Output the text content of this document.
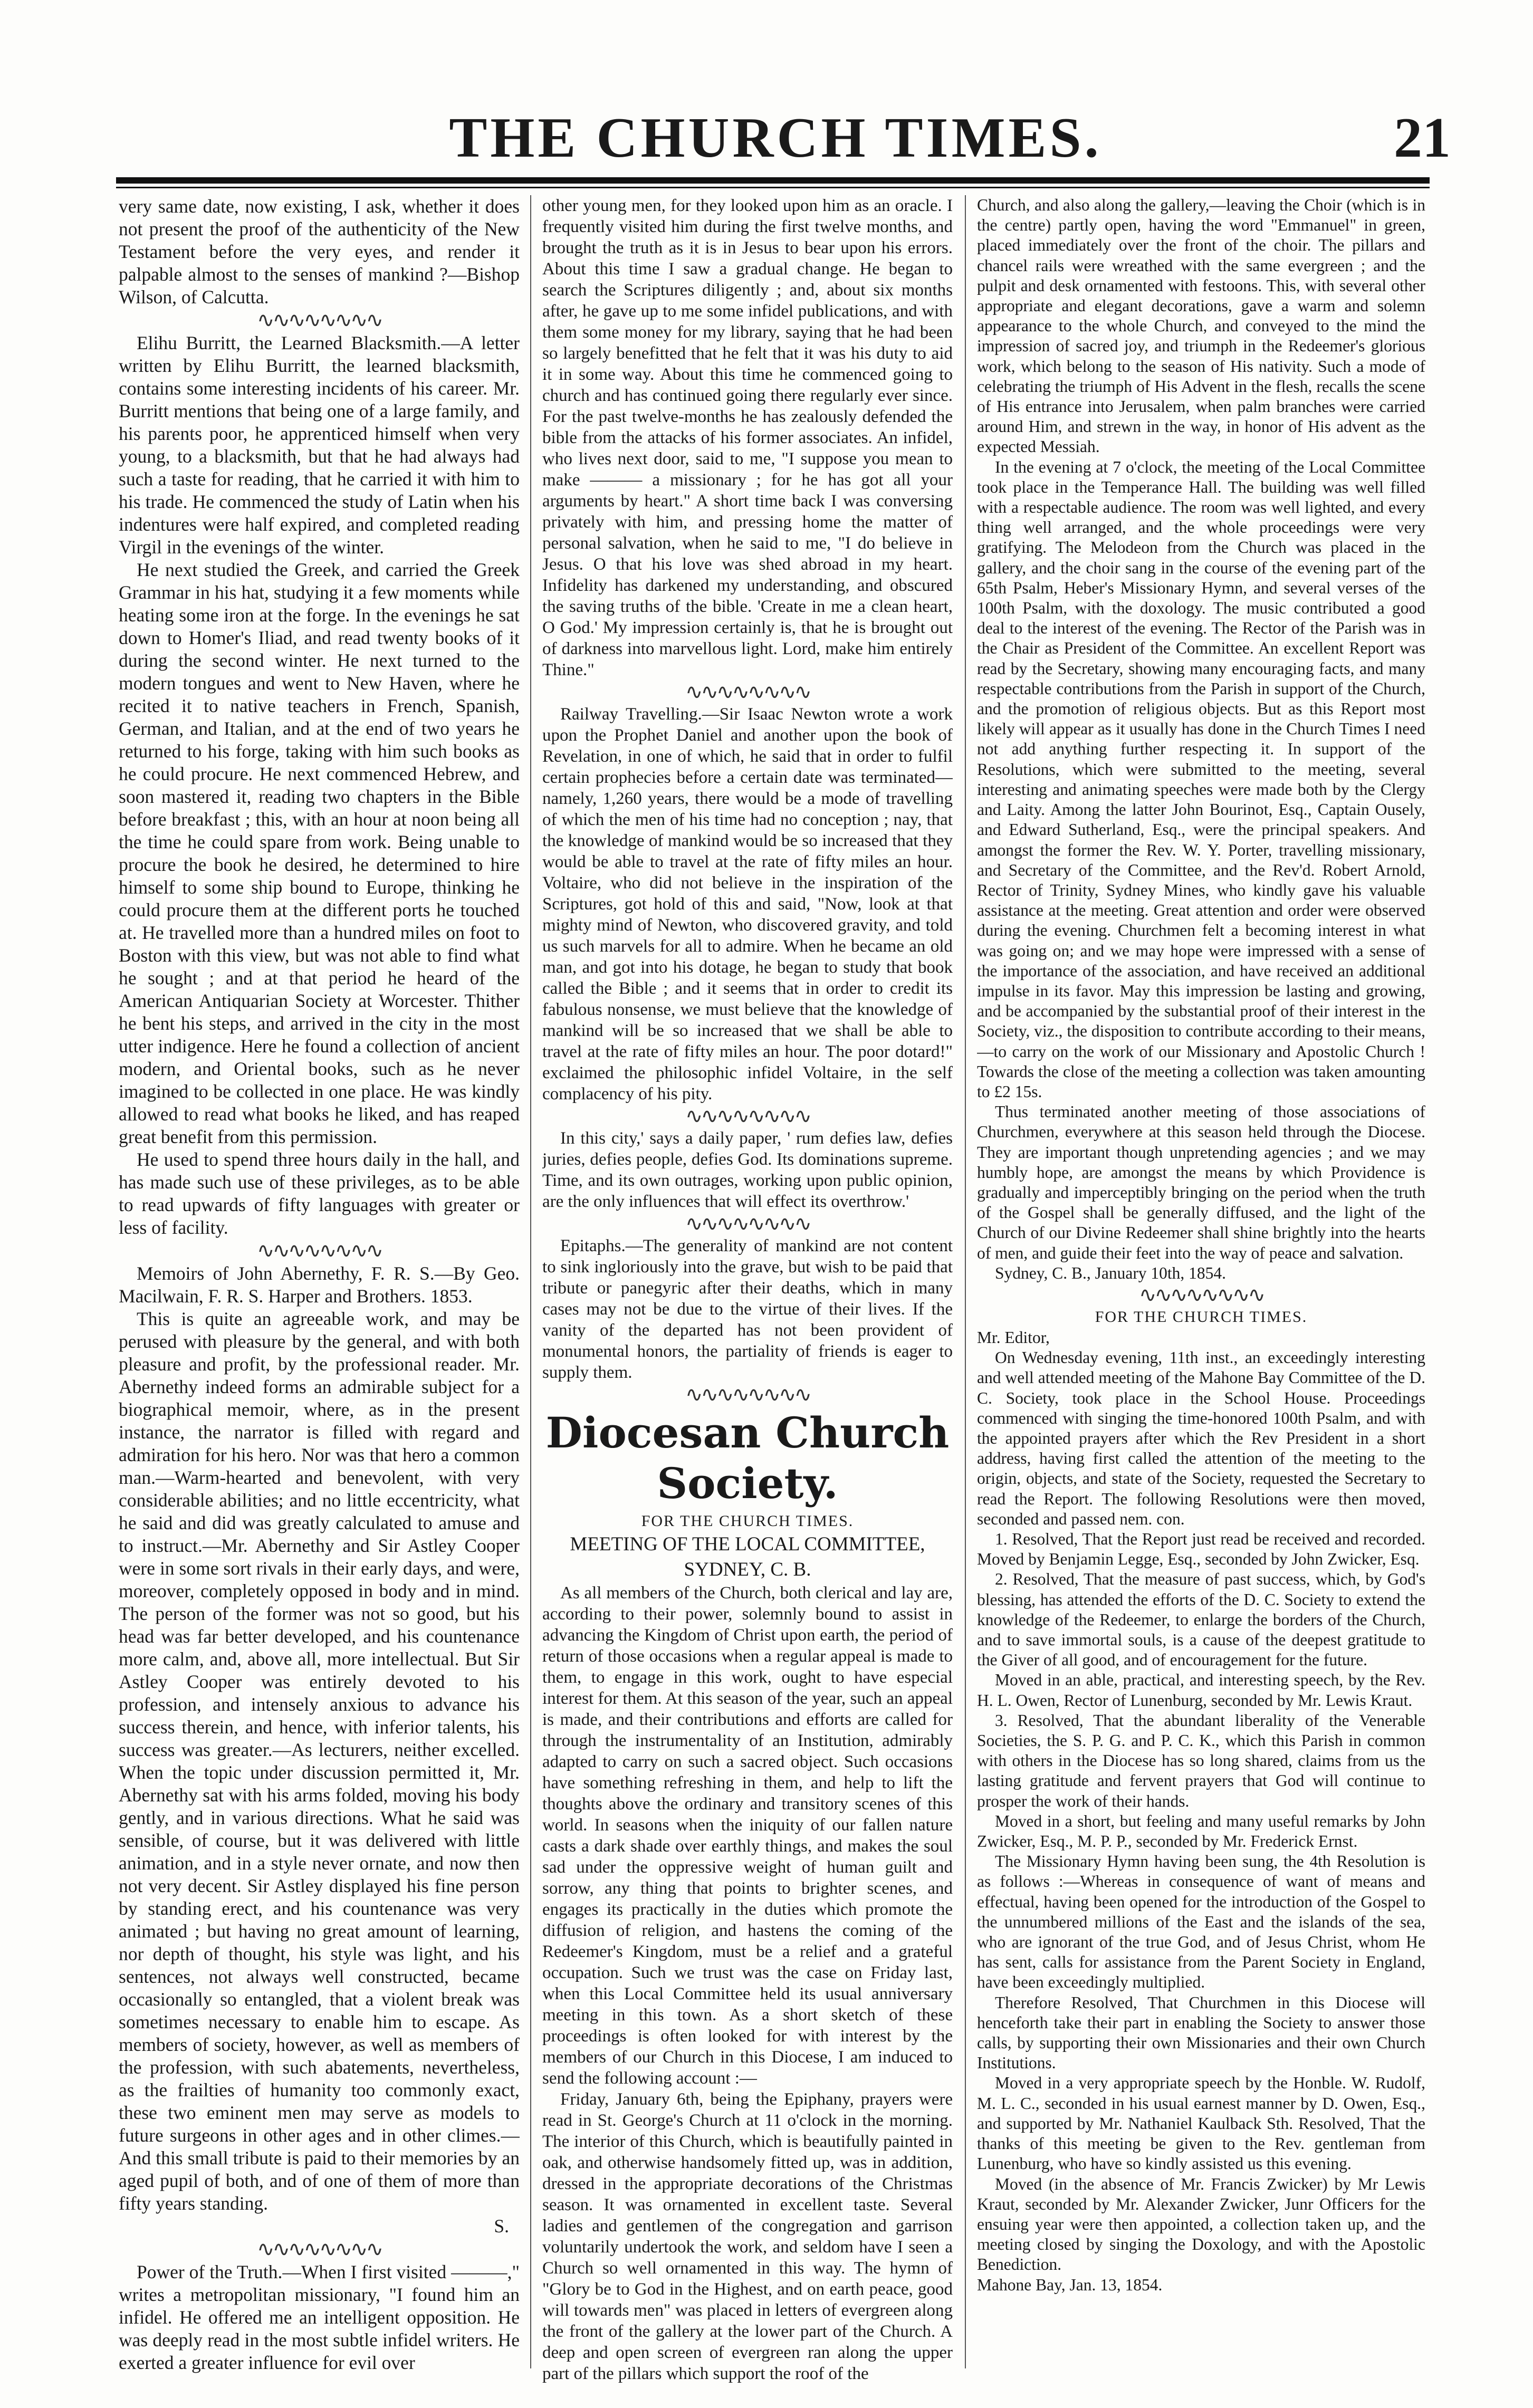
THE CHURCH TIMES.	21

very same date, now existing, I ask, whether it does not present the proof of the authenticity of the New Testament before the very eyes, and render it palpable almost to the senses of mankind ?—Bishop Wilson, of Calcutta.

∿∿∿∿∿∿∿∿

Elihu Burritt, the Learned Blacksmith.—A letter written by Elihu Burritt, the learned blacksmith, contains some interesting incidents of his career. Mr. Burritt mentions that being one of a large family, and his parents poor, he apprenticed himself when very young, to a blacksmith, but that he had always had such a taste for reading, that he carried it with him to his trade. He commenced the study of Latin when his indentures were half expired, and completed reading Virgil in the evenings of the winter.

He next studied the Greek, and carried the Greek Grammar in his hat, studying it a few moments while heating some iron at the forge. In the evenings he sat down to Homer's Iliad, and read twenty books of it during the second winter. He next turned to the modern tongues and went to New Haven, where he recited it to native teachers in French, Spanish, German, and Italian, and at the end of two years he returned to his forge, taking with him such books as he could procure. He next commenced Hebrew, and soon mastered it, reading two chapters in the Bible before breakfast ; this, with an hour at noon being all the time he could spare from work. Being unable to procure the book he desired, he determined to hire himself to some ship bound to Europe, thinking he could procure them at the different ports he touched at. He travelled more than a hundred miles on foot to Boston with this view, but was not able to find what he sought ; and at that period he heard of the American Antiquarian Society at Worcester. Thither he bent his steps, and arrived in the city in the most utter indigence. Here he found a collection of ancient modern, and Oriental books, such as he never imagined to be collected in one place. He was kindly allowed to read what books he liked, and has reaped great benefit from this permission.

He used to spend three hours daily in the hall, and has made such use of these privileges, as to be able to read upwards of fifty languages with greater or less of facility.

∿∿∿∿∿∿∿∿

Memoirs of John Abernethy, F. R. S.—By Geo. Macilwain, F. R. S. Harper and Brothers. 1853.

This is quite an agreeable work, and may be perused with pleasure by the general, and with both pleasure and profit, by the professional reader. Mr. Abernethy indeed forms an admirable subject for a biographical memoir, where, as in the present instance, the narrator is filled with regard and admiration for his hero. Nor was that hero a common man.—Warm-hearted and benevolent, with very considerable abilities; and no little eccentricity, what he said and did was greatly calculated to amuse and to instruct.—Mr. Abernethy and Sir Astley Cooper were in some sort rivals in their early days, and were, moreover, completely opposed in body and in mind. The person of the former was not so good, but his head was far better developed, and his countenance more calm, and, above all, more intellectual. But Sir Astley Cooper was entirely devoted to his profession, and intensely anxious to advance his success therein, and hence, with inferior talents, his success was greater.—As lecturers, neither excelled. When the topic under discussion permitted it, Mr. Abernethy sat with his arms folded, moving his body gently, and in various directions. What he said was sensible, of course, but it was delivered with little animation, and in a style never ornate, and now then not very decent. Sir Astley displayed his fine person by standing erect, and his countenance was very animated ; but having no great amount of learning, nor depth of thought, his style was light, and his sentences, not always well constructed, became occasionally so entangled, that a violent break was sometimes necessary to enable him to escape. As members of society, however, as well as members of the profession, with such abatements, nevertheless, as the frailties of humanity too commonly exact, these two eminent men may serve as models to future surgeons in other ages and in other climes.—And this small tribute is paid to their memories by an aged pupil of both, and of one of them of more than fifty years standing.

S.
∿∿∿∿∿∿∿∿

Power of the Truth.—When I first visited ———," writes a metropolitan missionary, "I found him an infidel. He offered me an intelligent opposition. He was deeply read in the most subtle infidel writers. He exerted a greater influence for evil over

other young men, for they looked upon him as an oracle. I frequently visited him during the first twelve months, and brought the truth as it is in Jesus to bear upon his errors. About this time I saw a gradual change. He began to search the Scriptures diligently ; and, about six months after, he gave up to me some infidel publications, and with them some money for my library, saying that he had been so largely benefitted that he felt that it was his duty to aid it in some way. About this time he commenced going to church and has continued going there regularly ever since. For the past twelve-months he has zealously defended the bible from the attacks of his former associates. An infidel, who lives next door, said to me, "I suppose you mean to make ——— a missionary ; for he has got all your arguments by heart." A short time back I was conversing privately with him, and pressing home the matter of personal salvation, when he said to me, "I do believe in Jesus. O that his love was shed abroad in my heart. Infidelity has darkened my understanding, and obscured the saving truths of the bible. 'Create in me a clean heart, O God.' My impression certainly is, that he is brought out of darkness into marvellous light. Lord, make him entirely Thine."

∿∿∿∿∿∿∿∿

Railway Travelling.—Sir Isaac Newton wrote a work upon the Prophet Daniel and another upon the book of Revelation, in one of which, he said that in order to fulfil certain prophecies before a certain date was terminated—namely, 1,260 years, there would be a mode of travelling of which the men of his time had no conception ; nay, that the knowledge of mankind would be so increased that they would be able to travel at the rate of fifty miles an hour. Voltaire, who did not believe in the inspiration of the Scriptures, got hold of this and said, "Now, look at that mighty mind of Newton, who discovered gravity, and told us such marvels for all to admire. When he became an old man, and got into his dotage, he began to study that book called the Bible ; and it seems that in order to credit its fabulous nonsense, we must believe that the knowledge of mankind will be so increased that we shall be able to travel at the rate of fifty miles an hour. The poor dotard!" exclaimed the philosophic infidel Voltaire, in the self complacency of his pity.

∿∿∿∿∿∿∿∿

In this city,' says a daily paper, ' rum defies law, defies juries, defies people, defies God. Its dominations supreme. Time, and its own outrages, working upon public opinion, are the only influences that will effect its overthrow.'

∿∿∿∿∿∿∿∿

Epitaphs.—The generality of mankind are not content to sink ingloriously into the grave, but wish to be paid that tribute or panegyric after their deaths, which in many cases may not be due to the virtue of their lives. If the vanity of the departed has not been provident of monumental honors, the partiality of friends is eager to supply them.

∿∿∿∿∿∿∿∿
Diocesan Church Society.
FOR THE CHURCH TIMES.
MEETING OF THE LOCAL COMMITTEE, SYDNEY, C. B.

As all members of the Church, both clerical and lay are, according to their power, solemnly bound to assist in advancing the Kingdom of Christ upon earth, the period of return of those occasions when a regular appeal is made to them, to engage in this work, ought to have especial interest for them. At this season of the year, such an appeal is made, and their contributions and efforts are called for through the instrumentality of an Institution, admirably adapted to carry on such a sacred object. Such occasions have something refreshing in them, and help to lift the thoughts above the ordinary and transitory scenes of this world. In seasons when the iniquity of our fallen nature casts a dark shade over earthly things, and makes the soul sad under the oppressive weight of human guilt and sorrow, any thing that points to brighter scenes, and engages its practically in the duties which promote the diffusion of religion, and hastens the coming of the Redeemer's Kingdom, must be a relief and a grateful occupation. Such we trust was the case on Friday last, when this Local Committee held its usual anniversary meeting in this town. As a short sketch of these proceedings is often looked for with interest by the members of our Church in this Diocese, I am induced to send the following account :—

Friday, January 6th, being the Epiphany, prayers were read in St. George's Church at 11 o'clock in the morning. The interior of this Church, which is beautifully painted in oak, and otherwise handsomely fitted up, was in addition, dressed in the appropriate decorations of the Christmas season. It was ornamented in excellent taste. Several ladies and gentlemen of the congregation and garrison voluntarily undertook the work, and seldom have I seen a Church so well ornamented in this way. The hymn of "Glory be to God in the Highest, and on earth peace, good will towards men" was placed in letters of evergreen along the front of the gallery at the lower part of the Church. A deep and open screen of evergreen ran along the upper part of the pillars which support the roof of the

Church, and also along the gallery,—leaving the Choir (which is in the centre) partly open, having the word "Emmanuel" in green, placed immediately over the front of the choir. The pillars and chancel rails were wreathed with the same evergreen ; and the pulpit and desk ornamented with festoons. This, with several other appropriate and elegant decorations, gave a warm and solemn appearance to the whole Church, and conveyed to the mind the impression of sacred joy, and triumph in the Redeemer's glorious work, which belong to the season of His nativity. Such a mode of celebrating the triumph of His Advent in the flesh, recalls the scene of His entrance into Jerusalem, when palm branches were carried around Him, and strewn in the way, in honor of His advent as the expected Messiah.

In the evening at 7 o'clock, the meeting of the Local Committee took place in the Temperance Hall. The building was well filled with a respectable audience. The room was well lighted, and every thing well arranged, and the whole proceedings were very gratifying. The Melodeon from the Church was placed in the gallery, and the choir sang in the course of the evening part of the 65th Psalm, Heber's Missionary Hymn, and several verses of the 100th Psalm, with the doxology. The music contributed a good deal to the interest of the evening. The Rector of the Parish was in the Chair as President of the Committee. An excellent Report was read by the Secretary, showing many encouraging facts, and many respectable contributions from the Parish in support of the Church, and the promotion of religious objects. But as this Report most likely will appear as it usually has done in the Church Times I need not add anything further respecting it. In support of the Resolutions, which were submitted to the meeting, several interesting and animating speeches were made both by the Clergy and Laity. Among the latter John Bourinot, Esq., Captain Ousely, and Edward Sutherland, Esq., were the principal speakers. And amongst the former the Rev. W. Y. Porter, travelling missionary, and Secretary of the Committee, and the Rev'd. Robert Arnold, Rector of Trinity, Sydney Mines, who kindly gave his valuable assistance at the meeting. Great attention and order were observed during the evening. Churchmen felt a becoming interest in what was going on; and we may hope were impressed with a sense of the importance of the association, and have received an additional impulse in its favor. May this impression be lasting and growing, and be accompanied by the substantial proof of their interest in the Society, viz., the disposition to contribute according to their means,—to carry on the work of our Missionary and Apostolic Church ! Towards the close of the meeting a collection was taken amounting to £2 15s.

Thus terminated another meeting of those associations of Churchmen, everywhere at this season held through the Diocese. They are important though unpretending agencies ; and we may humbly hope, are amongst the means by which Providence is gradually and imperceptibly bringing on the period when the truth of the Gospel shall be generally diffused, and the light of the Church of our Divine Redeemer shall shine brightly into the hearts of men, and guide their feet into the way of peace and salvation.

Sydney, C. B., January 10th, 1854.

∿∿∿∿∿∿∿∿
FOR THE CHURCH TIMES.

Mr. Editor,

On Wednesday evening, 11th inst., an exceedingly interesting and well attended meeting of the Mahone Bay Committee of the D. C. Society, took place in the School House. Proceedings commenced with singing the time-honored 100th Psalm, and with the appointed prayers after which the Rev President in a short address, having first called the attention of the meeting to the origin, objects, and state of the Society, requested the Secretary to read the Report. The following Resolutions were then moved, seconded and passed nem. con.

1. Resolved, That the Report just read be received and recorded. Moved by Benjamin Legge, Esq., seconded by John Zwicker, Esq.

2. Resolved, That the measure of past success, which, by God's blessing, has attended the efforts of the D. C. Society to extend the knowledge of the Redeemer, to enlarge the borders of the Church, and to save immortal souls, is a cause of the deepest gratitude to the Giver of all good, and of encouragement for the future.

Moved in an able, practical, and interesting speech, by the Rev. H. L. Owen, Rector of Lunenburg, seconded by Mr. Lewis Kraut.

3. Resolved, That the abundant liberality of the Venerable Societies, the S. P. G. and P. C. K., which this Parish in common with others in the Diocese has so long shared, claims from us the lasting gratitude and fervent prayers that God will continue to prosper the work of their hands.

Moved in a short, but feeling and many useful remarks by John Zwicker, Esq., M. P. P., seconded by Mr. Frederick Ernst.

The Missionary Hymn having been sung, the 4th Resolution is as follows :—Whereas in consequence of want of means and effectual, having been opened for the introduction of the Gospel to the unnumbered millions of the East and the islands of the sea, who are ignorant of the true God, and of Jesus Christ, whom He has sent, calls for assistance from the Parent Society in England, have been exceedingly multiplied.

Therefore Resolved, That Churchmen in this Diocese will henceforth take their part in enabling the Society to answer those calls, by supporting their own Missionaries and their own Church Institutions.

Moved in a very appropriate speech by the Honble. W. Rudolf, M. L. C., seconded in his usual earnest manner by D. Owen, Esq., and supported by Mr. Nathaniel Kaulback Sth. Resolved, That the thanks of this meeting be given to the Rev. gentleman from Lunenburg, who have so kindly assisted us this evening.

Moved (in the absence of Mr. Francis Zwicker) by Mr Lewis Kraut, seconded by Mr. Alexander Zwicker, Junr Officers for the ensuing year were then appointed, a collection taken up, and the meeting closed by singing the Doxology, and with the Apostolic Benediction.

Mahone Bay, Jan. 13, 1854.
